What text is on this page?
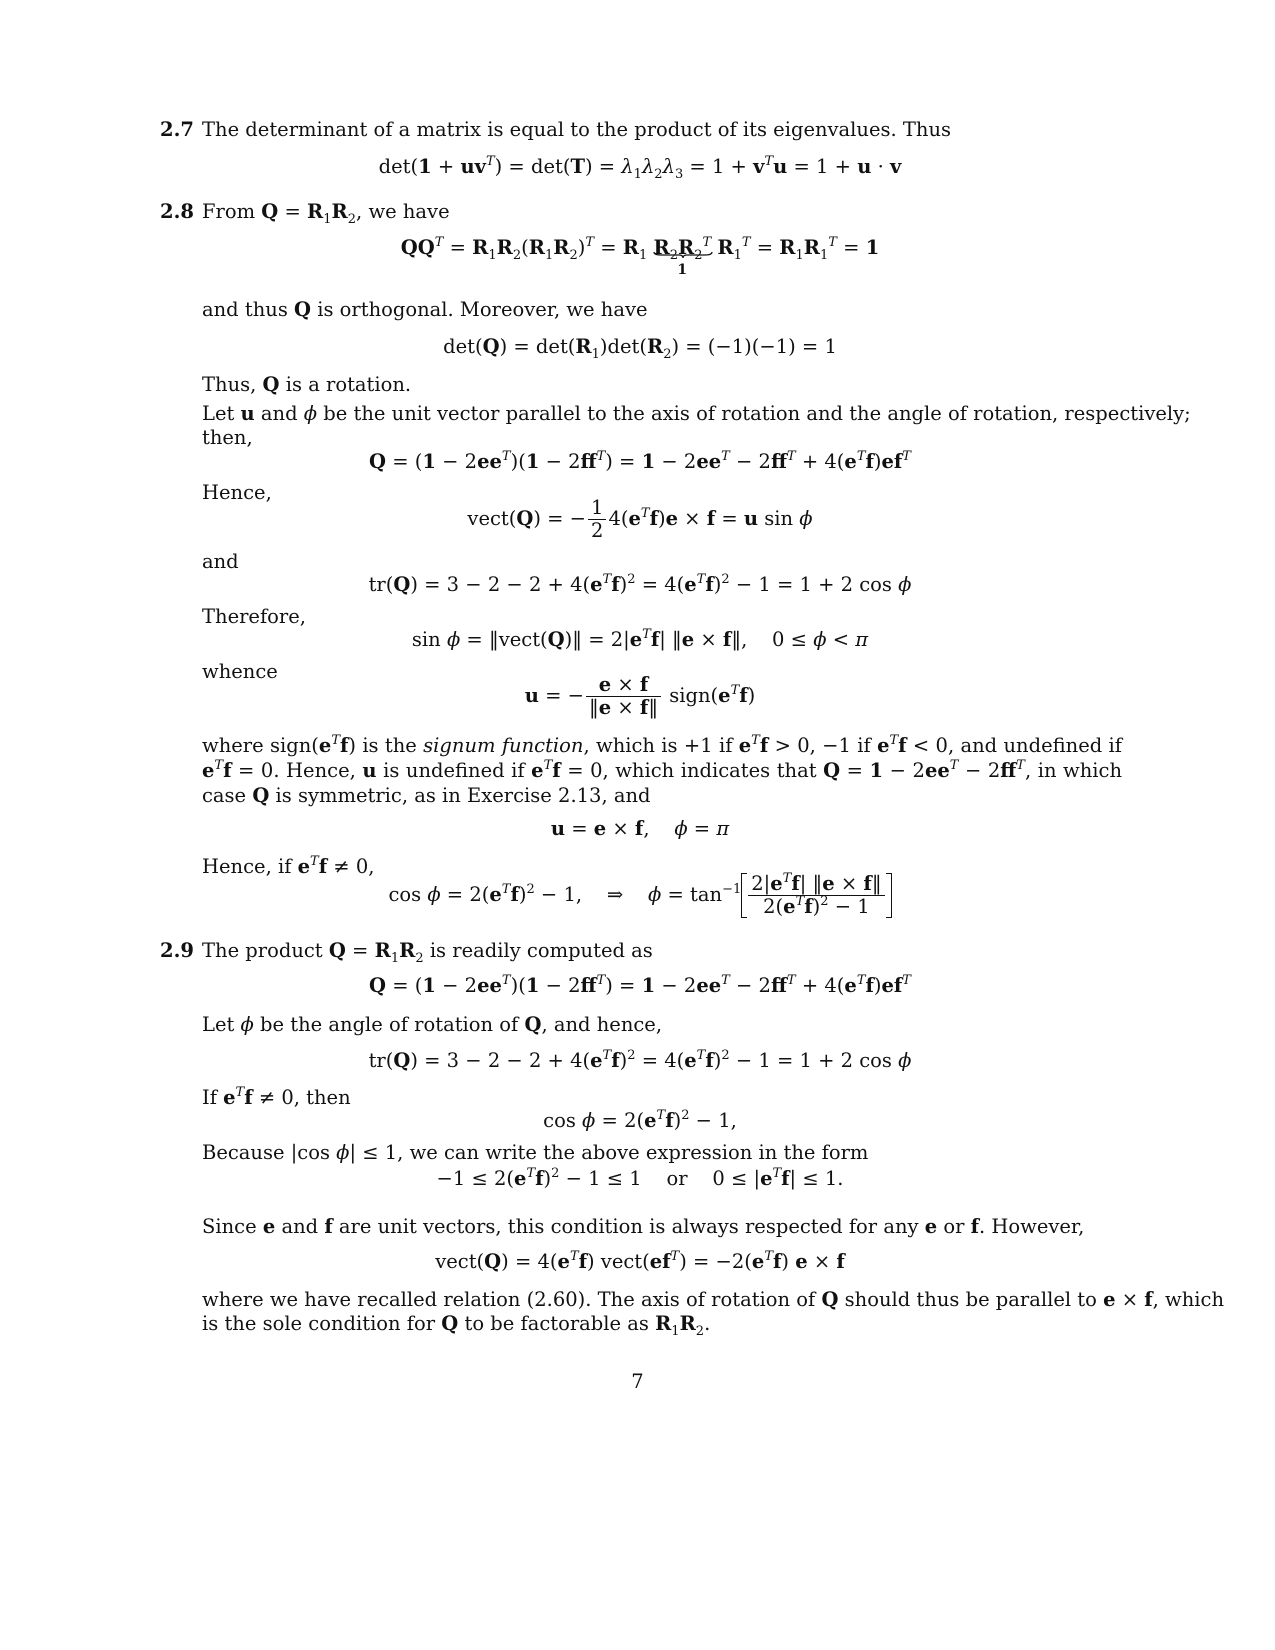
2.7 The determinant of a matrix is equal to the product of its eigenvalues. Thus
$\det(1 + uv^T) = \det(T) = \lambda_1\lambda_2\lambda_3 = 1 + v^Tu = 1 + u \cdot v$
2.8 From $Q = R_1R_2$, we have
$QQ^T = R_1R_2(R_1R_2)^T = R_1$ $R_2R_2^T$
1
$R_1^T = R_1R_1^T = 1$
and thus Q is orthogonal. Moreover, we have
$\det(Q) = \det(R_1)\det(R_2) = (-1)(-1) = 1$
Thus, Q is a rotation.
Let u and ϕ be the unit vector parallel to the axis of rotation and the angle of rotation, respectively;
then,
$Q = (1 - 2ee^T)(1 - 2ff^T) = 1 - 2ee^T - 2ff^T + 4(e^Tf)ef^T$
Hence,
vect(Q) = − $\frac{1}{2} 4(e^Tf)e \times f = u$ sin ϕ
and
$tr(Q) = 3 - 2 - 2 + 4(e^Tf)^2 = 4(e^Tf)^2 - 1 = 1 + 2$ cos ϕ
Therefore,
sin ϕ = ‖vect(Q)‖ = $2|e^Tf|$ ‖e × f‖,    0 ≤ ϕ < π
whence
u = − $\frac{e \times f}{‖e \times f‖}$ $sign(e^Tf)$
where $sign(e^Tf)$ is the signum function, which is +1 if $e^Tf > 0$, −1 if $e^Tf < 0$, and undefined if $e^Tf = 0$. Hence, u is undefined if $e^Tf = 0$, which indicates that $Q = 1 - 2ee^T - 2ff^T$, in which case Q is symmetric, as in Exercise 2.13, and
u = e × f,    ϕ = π
Hence, if $e^Tf \ne 0$,
$\cos \phi = 2(e^Tf)^2 - 1$,    ⇒    $\phi = \tan^{-1} \frac{2|e^Tf| ‖e \times f‖}{2(e^Tf)^2 - 1}$
2.9 The product $Q = R_1R_2$ is readily computed as
$Q = (1 - 2ee^T)(1 - 2ff^T) = 1 - 2ee^T - 2ff^T + 4(e^Tf)ef^T$
Let ϕ be the angle of rotation of Q, and hence,
$tr(Q) = 3 - 2 - 2 + 4(e^Tf)^2 = 4(e^Tf)^2 - 1 = 1 + 2$ cos ϕ
If $e^Tf \ne 0$, then
$\cos \phi = 2(e^Tf)^2 - 1$,
Because |cos ϕ| ≤ 1, we can write the above expression in the form
$-1 \le 2(e^Tf)^2 - 1 \le 1$    or    $0 \le |e^Tf| \le 1$.
Since e and f are unit vectors, this condition is always respected for any e or f. However,
vect(Q) = $4(e^Tf)$ $vect(ef^T) = -2(e^Tf) e \times f$
where we have recalled relation (2.60). The axis of rotation of Q should thus be parallel to e × f, which
is the sole condition for Q to be factorable as $R_1R_2$.
7
